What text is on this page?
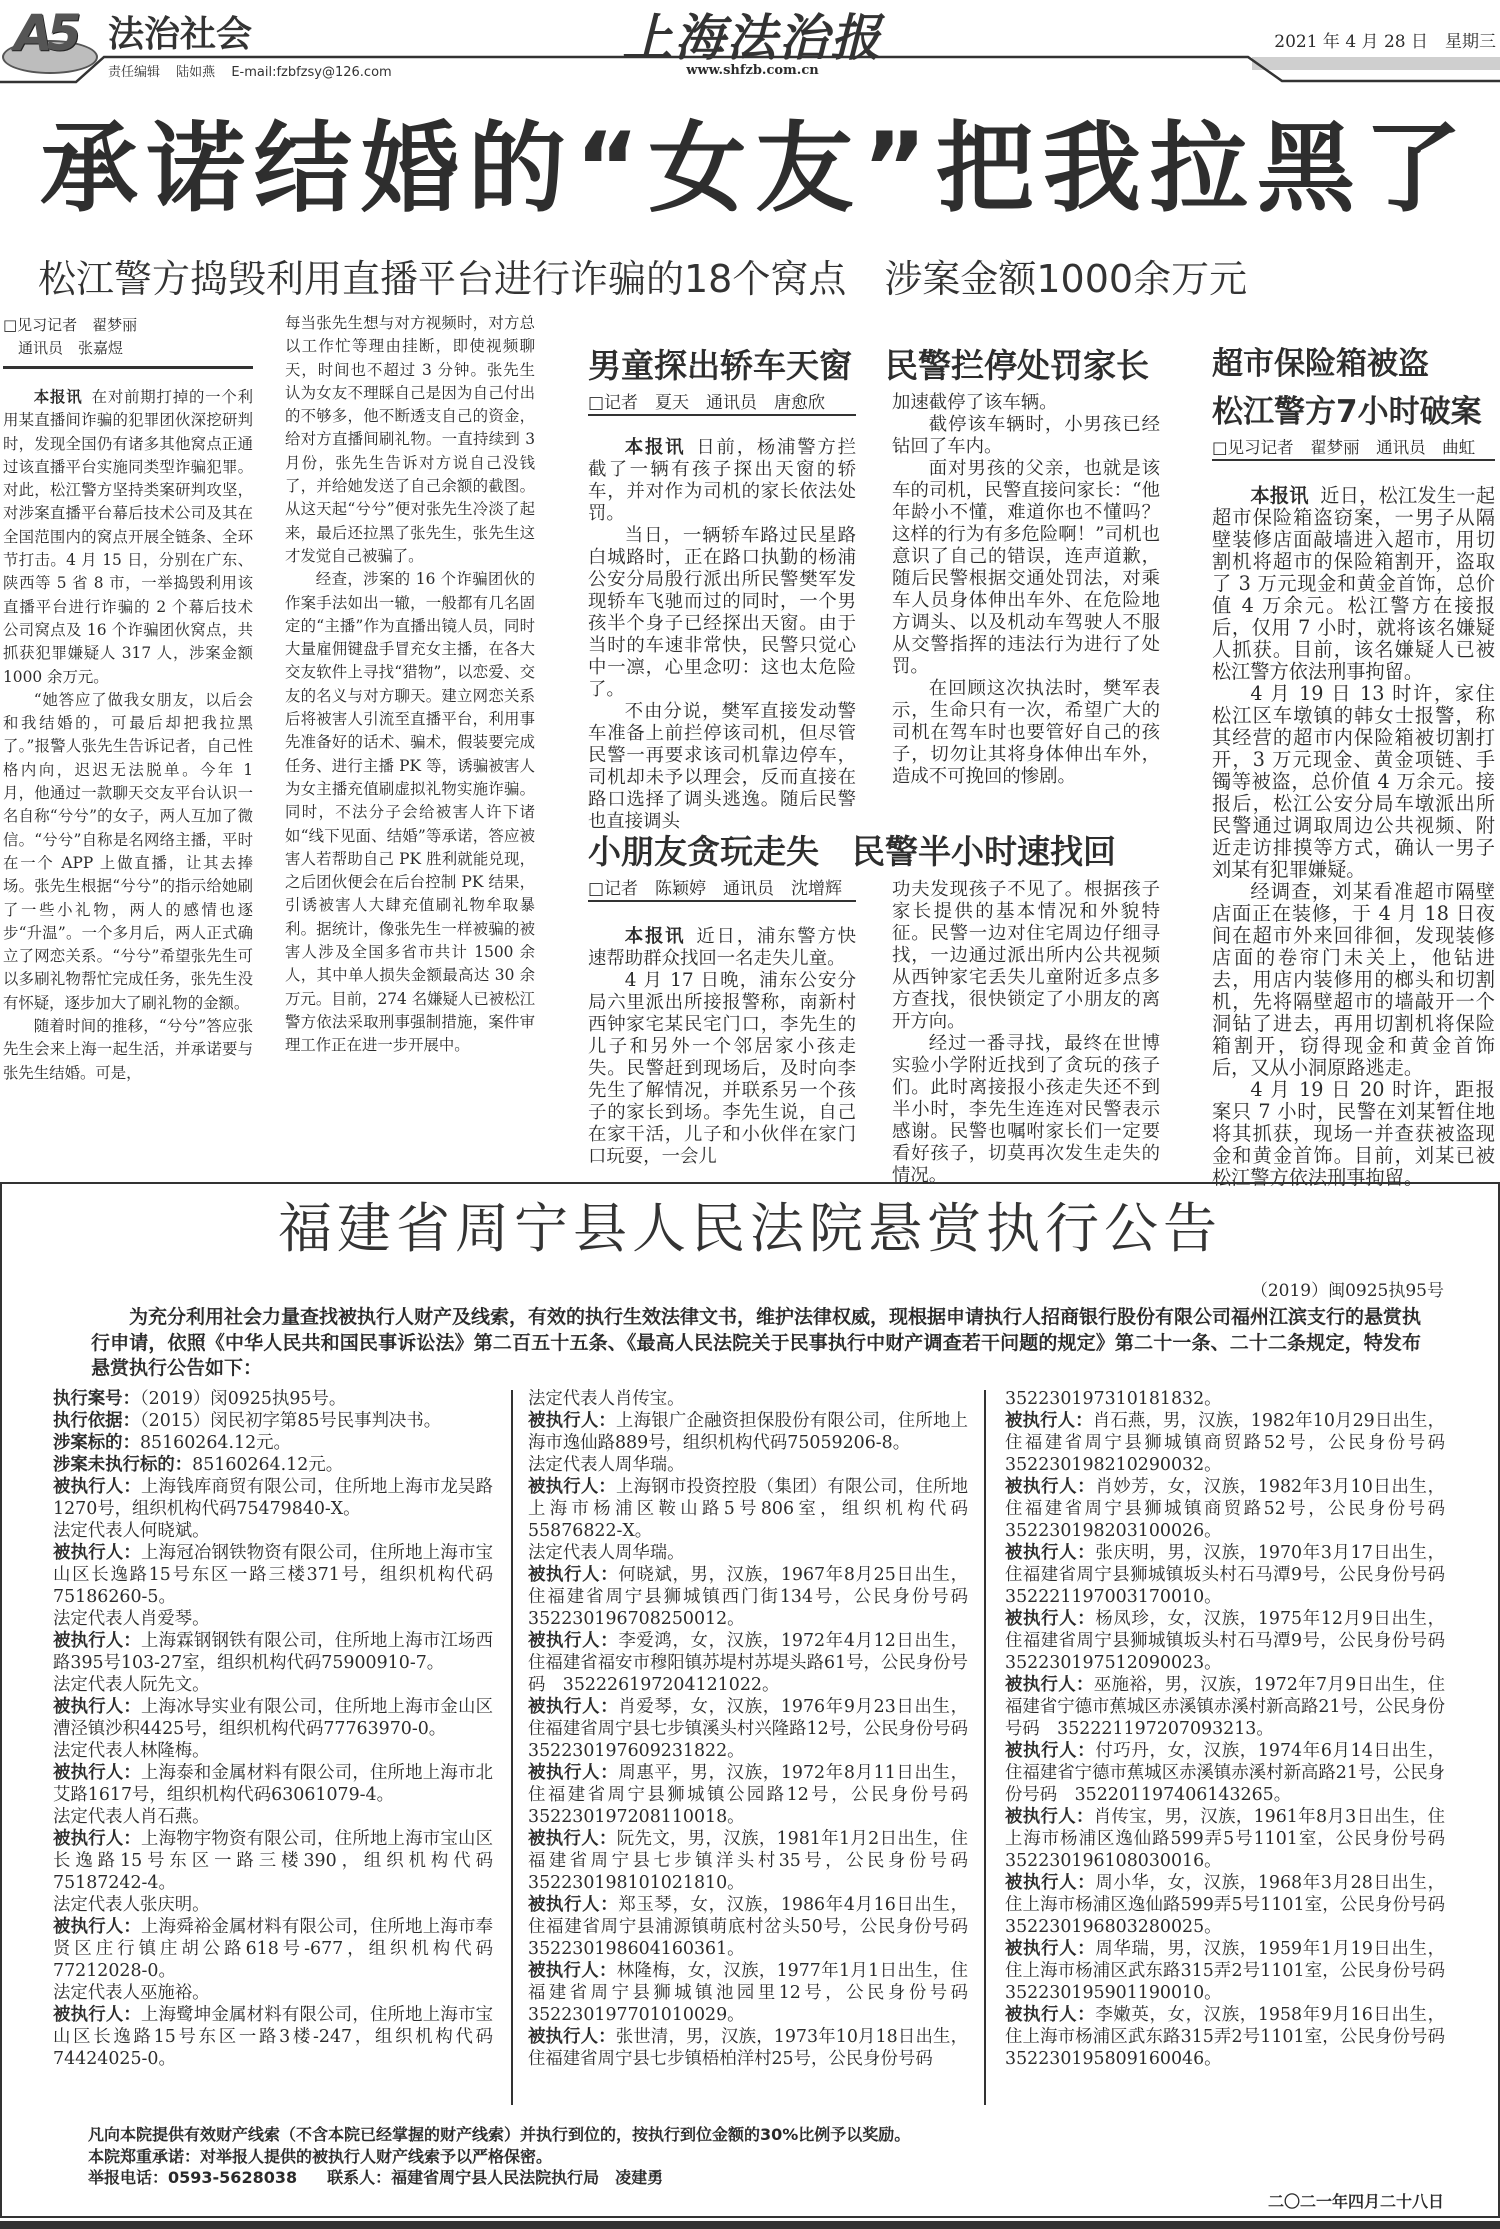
A5 法治社会
责任编辑 陆如燕 E-mail:fzbfzsy@126.com
上海法治报
www.shfzb.com.cn
2021 年 4 月 28 日　星期三
承诺结婚的“女友”把我拉黑了
松江警方捣毁利用直播平台进行诈骗的18个窝点　涉案金额1000余万元
□见习记者　翟梦丽
　通讯员　张嘉煜

本报讯 在对前期打掉的一个利用某直播间诈骗的犯罪团伙深挖研判时，发现全国仍有诸多其他窝点正通过该直播平台实施同类型诈骗犯罪。对此，松江警方坚持类案研判攻坚，对涉案直播平台幕后技术公司及其在全国范围内的窝点开展全链条、全环节打击。4 月 15 日，分别在广东、陕西等 5 省 8 市，一举捣毁利用该直播平台进行诈骗的 2 个幕后技术公司窝点及 16 个诈骗团伙窝点，共抓获犯罪嫌疑人 317 人，涉案金额 1000 余万元。

“她答应了做我女朋友，以后会和我结婚的，可最后却把我拉黑了。”报警人张先生告诉记者，自己性格内向，迟迟无法脱单。今年 1 月，他通过一款聊天交友平台认识一名自称“兮兮”的女子，两人互加了微信。“兮兮”自称是名网络主播，平时在一个 APP 上做直播，让其去捧场。张先生根据“兮兮”的指示给她刷了一些小礼物，两人的感情也逐步“升温”。一个多月后，两人正式确立了网恋关系。“兮兮”希望张先生可以多刷礼物帮忙完成任务，张先生没有怀疑，逐步加大了刷礼物的金额。

随着时间的推移，“兮兮”答应张先生会来上海一起生活，并承诺要与张先生结婚。可是，

每当张先生想与对方视频时，对方总以工作忙等理由挂断，即使视频聊天，时间也不超过 3 分钟。张先生认为女友不理睬自己是因为自己付出的不够多，他不断透支自己的资金，给对方直播间刷礼物。一直持续到 3 月份，张先生告诉对方说自己没钱了，并给她发送了自己余额的截图。从这天起“兮兮”便对张先生冷淡了起来，最后还拉黑了张先生，张先生这才发觉自己被骗了。

经查，涉案的 16 个诈骗团伙的作案手法如出一辙，一般都有几名固定的“主播”作为直播出镜人员，同时大量雇佣键盘手冒充女主播，在各大交友软件上寻找“猎物”，以恋爱、交友的名义与对方聊天。建立网恋关系后将被害人引流至直播平台，利用事先准备好的话术、骗术，假装要完成任务、进行主播 PK 等，诱骗被害人为女主播充值刷虚拟礼物实施诈骗。同时，不法分子会给被害人许下诸如“线下见面、结婚”等承诺，答应被害人若帮助自己 PK 胜利就能兑现，之后团伙便会在后台控制 PK 结果，引诱被害人大肆充值刷礼物牟取暴利。据统计，像张先生一样被骗的被害人涉及全国多省市共计 1500 余人，其中单人损失金额最高达 30 余万元。目前，274 名嫌疑人已被松江警方依法采取刑事强制措施，案件审理工作正在进一步开展中。

男童探出轿车天窗　民警拦停处罚家长
□记者　夏天　通讯员　唐愈欣

本报讯 日前，杨浦警方拦截了一辆有孩子探出天窗的轿车，并对作为司机的家长依法处罚。

当日，一辆轿车路过民星路白城路时，正在路口执勤的杨浦公安分局殷行派出所民警樊军发现轿车飞驰而过的同时，一个男孩半个身子已经探出天窗。由于当时的车速非常快，民警只觉心中一凛，心里念叨：这也太危险了。

不由分说，樊军直接发动警车准备上前拦停该司机，但尽管民警一再要求该司机靠边停车，司机却未予以理会，反而直接在路口选择了调头逃逸。随后民警也直接调头

加速截停了该车辆。

截停该车辆时，小男孩已经钻回了车内。

面对男孩的父亲，也就是该车的司机，民警直接问家长：“他年龄小不懂，难道你也不懂吗？这样的行为有多危险啊！”司机也意识了自己的错误，连声道歉，随后民警根据交通处罚法，对乘车人员身体伸出车外、在危险地方调头、以及机动车驾驶人不服从交警指挥的违法行为进行了处罚。

在回顾这次执法时，樊军表示，生命只有一次，希望广大的司机在驾车时也要管好自己的孩子，切勿让其将身体伸出车外，造成不可挽回的惨剧。

小朋友贪玩走失　民警半小时速找回
□记者　陈颖婷　通讯员　沈增辉

本报讯 近日，浦东警方快速帮助群众找回一名走失儿童。

4 月 17 日晚，浦东公安分局六里派出所接报警称，南新村西钟家宅某民宅门口，李先生的儿子和另外一个邻居家小孩走失。民警赶到现场后，及时向李先生了解情况，并联系另一个孩子的家长到场。李先生说，自己在家干活，儿子和小伙伴在家门口玩耍，一会儿

功夫发现孩子不见了。根据孩子家长提供的基本情况和外貌特征。民警一边对住宅周边仔细寻找，一边通过派出所内公共视频从西钟家宅丢失儿童附近多点多方查找，很快锁定了小朋友的离开方向。

经过一番寻找，最终在世博实验小学附近找到了贪玩的孩子们。此时离接报小孩走失还不到半小时，李先生连连对民警表示感谢。民警也嘱咐家长们一定要看好孩子，切莫再次发生走失的情况。

超市保险箱被盗
松江警方7小时破案
□见习记者　翟梦丽　通讯员　曲虹

本报讯 近日，松江发生一起超市保险箱盗窃案，一男子从隔壁装修店面敲墙进入超市，用切割机将超市的保险箱割开，盗取了 3 万元现金和黄金首饰，总价值 4 万余元。松江警方在接报后，仅用 7 小时，就将该名嫌疑人抓获。目前，该名嫌疑人已被松江警方依法刑事拘留。

4 月 19 日 13 时许，家住松江区车墩镇的韩女士报警，称其经营的超市内保险箱被切割打开，3 万元现金、黄金项链、手镯等被盗，总价值 4 万余元。接报后，松江公安分局车墩派出所民警通过调取周边公共视频、附近走访排摸等方式，确认一男子刘某有犯罪嫌疑。

经调查，刘某看准超市隔壁店面正在装修，于 4 月 18 日夜间在超市外来回徘徊，发现装修店面的卷帘门未关上，他钻进去，用店内装修用的榔头和切割机，先将隔壁超市的墙敲开一个洞钻了进去，再用切割机将保险箱割开，窃得现金和黄金首饰后，又从小洞原路逃走。

4 月 19 日 20 时许，距报案只 7 小时，民警在刘某暂住地将其抓获，现场一并查获被盗现金和黄金首饰。目前，刘某已被松江警方依法刑事拘留。

福建省周宁县人民法院悬赏执行公告
（2019）闽0925执95号
为充分利用社会力量查找被执行人财产及线索，有效的执行生效法律文书，维护法律权威，现根据申请执行人招商银行股份有限公司福州江滨支行的悬赏执行申请，依照《中华人民共和国民事诉讼法》第二百五十五条、《最高人民法院关于民事执行中财产调查若干问题的规定》第二十一条、二十二条规定，特发布悬赏执行公告如下：

执行案号：（2019）闵0925执95号。

执行依据：（2015）闵民初字第85号民事判决书。

涉案标的：85160264.12元。

涉案未执行标的：85160264.12元。

被执行人：上海钱库商贸有限公司，住所地上海市龙吴路1270号，组织机构代码75479840-X。

法定代表人何晓斌。

被执行人：上海冠冶钢铁物资有限公司，住所地上海市宝山区长逸路15号东区一路三楼371号，组织机构代码75186260-5。

法定代表人肖爱琴。

被执行人：上海霖钢钢铁有限公司，住所地上海市江场西路395号103-27室，组织机构代码75900910-7。

法定代表人阮先文。

被执行人：上海冰导实业有限公司，住所地上海市金山区漕泾镇沙积4425号，组织机构代码77763970-0。

法定代表人林隆梅。

被执行人：上海泰和金属材料有限公司，住所地上海市北艾路1617号，组织机构代码63061079-4。

法定代表人肖石燕。

被执行人：上海物宇物资有限公司，住所地上海市宝山区长逸路15号东区一路三楼390，组织机构代码75187242-4。

法定代表人张庆明。

被执行人：上海舜裕金属材料有限公司，住所地上海市奉贤区庄行镇庄胡公路618号-677，组织机构代码77212028-0。

法定代表人巫施裕。

被执行人：上海鹭坤金属材料有限公司，住所地上海市宝山区长逸路15号东区一路3楼-247，组织机构代码74424025-0。

法定代表人肖传宝。

被执行人：上海银广企融资担保股份有限公司，住所地上海市逸仙路889号，组织机构代码75059206-8。

法定代表人周华瑞。

被执行人：上海钢市投资控股（集团）有限公司，住所地上海市杨浦区鞍山路5号806室，组织机构代码55876822-X。

法定代表人周华瑞。

被执行人：何晓斌，男，汉族，1967年8月25日出生，住福建省周宁县狮城镇西门街134号，公民身份号码352230196708250012。

被执行人：李爱鸿，女，汉族，1972年4月12日出生，住福建省福安市穆阳镇苏堤村苏堤头路61号，公民身份号码　352226197204121022。

被执行人：肖爱琴，女，汉族，1976年9月23日出生，住福建省周宁县七步镇溪头村兴隆路12号，公民身份号码352230197609231822。

被执行人：周惠平，男，汉族，1972年8月11日出生，住福建省周宁县狮城镇公园路12号，公民身份号码352230197208110018。

被执行人：阮先文，男，汉族，1981年1月2日出生，住福建省周宁县七步镇洋头村35号，公民身份号码352230198101021810。

被执行人：郑玉琴，女，汉族，1986年4月16日出生，住福建省周宁县浦源镇萌底村岔头50号，公民身份号码352230198604160361。

被执行人：林隆梅，女，汉族，1977年1月1日出生，住福建省周宁县狮城镇池园里12号，公民身份号码352230197701010029。

被执行人：张世清，男，汉族，1973年10月18日出生，住福建省周宁县七步镇梧柏洋村25号，公民身份号码

352230197310181832。

被执行人：肖石燕，男，汉族，1982年10月29日出生，住福建省周宁县狮城镇商贸路52号，公民身份号码352230198210290032。

被执行人：肖妙芳，女，汉族，1982年3月10日出生，住福建省周宁县狮城镇商贸路52号，公民身份号码352230198203100026。

被执行人：张庆明，男，汉族，1970年3月17日出生，住福建省周宁县狮城镇坂头村石马潭9号，公民身份号码352221197003170010。

被执行人：杨凤珍，女，汉族，1975年12月9日出生，住福建省周宁县狮城镇坂头村石马潭9号，公民身份号码352230197512090023。

被执行人：巫施裕，男，汉族，1972年7月9日出生，住福建省宁德市蕉城区赤溪镇赤溪村新高路21号，公民身份号码　352221197207093213。

被执行人：付巧丹，女，汉族，1974年6月14日出生，住福建省宁德市蕉城区赤溪镇赤溪村新高路21号，公民身份号码　352201197406143265。

被执行人：肖传宝，男，汉族，1961年8月3日出生，住上海市杨浦区逸仙路599弄5号1101室，公民身份号码352230196108030016。

被执行人：周小华，女，汉族，1968年3月28日出生，住上海市杨浦区逸仙路599弄5号1101室，公民身份号码352230196803280025。

被执行人：周华瑞，男，汉族，1959年1月19日出生，住上海市杨浦区武东路315弄2号1101室，公民身份号码352230195901190010。

被执行人：李嫩英，女，汉族，1958年9月16日出生，住上海市杨浦区武东路315弄2号1101室，公民身份号码352230195809160046。

凡向本院提供有效财产线索（不含本院已经掌握的财产线索）并执行到位的，按执行到位金额的30%比例予以奖励。
本院郑重承诺：对举报人提供的被执行人财产线索予以严格保密。
举报电话：0593-5628038 联系人：福建省周宁县人民法院执行局　凌建勇
二〇二一年四月二十八日
